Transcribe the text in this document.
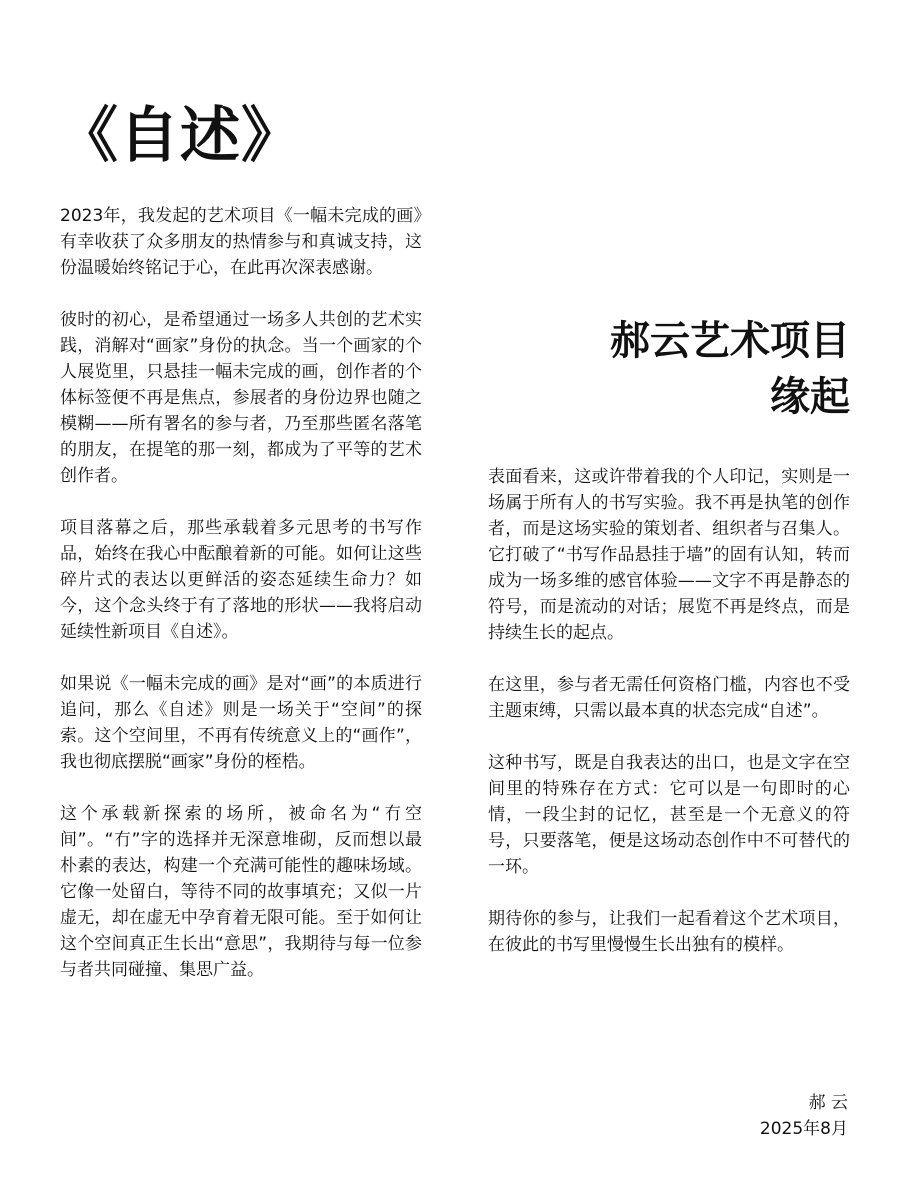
《自述》

2023年，我发起的艺术项目《一幅未完成的画》有幸收获了众多朋友的热情参与和真诚支持，这份温暖始终铭记于心，在此再次深表感谢。

彼时的初心，是希望通过一场多人共创的艺术实践，消解对“画家”身份的执念。当一个画家的个人展览里，只悬挂一幅未完成的画，创作者的个体标签便不再是焦点，参展者的身份边界也随之模糊——所有署名的参与者，乃至那些匿名落笔的朋友，在提笔的那一刻，都成为了平等的艺术创作者。

项目落幕之后，那些承载着多元思考的书写作品，始终在我心中酝酿着新的可能。如何让这些碎片式的表达以更鲜活的姿态延续生命力？如今，这个念头终于有了落地的形状——我将启动延续性新项目《自述》。

如果说《一幅未完成的画》是对“画”的本质进行追问，那么《自述》则是一场关于“空间”的探索。这个空间里，不再有传统意义上的“画作”，我也彻底摆脱“画家”身份的桎梏。

这个承载新探索的场所，被命名为“冇空间”。“冇”字的选择并无深意堆砌，反而想以最朴素的表达，构建一个充满可能性的趣味场域。它像一处留白，等待不同的故事填充；又似一片虚无，却在虚无中孕育着无限可能。至于如何让这个空间真正生长出“意思”，我期待与每一位参与者共同碰撞、集思广益。

郝云艺术项目
缘起

表面看来，这或许带着我的个人印记，实则是一场属于所有人的书写实验。我不再是执笔的创作者，而是这场实验的策划者、组织者与召集人。它打破了“书写作品悬挂于墙”的固有认知，转而成为一场多维的感官体验——文字不再是静态的符号，而是流动的对话；展览不再是终点，而是持续生长的起点。

在这里，参与者无需任何资格门槛，内容也不受主题束缚，只需以最本真的状态完成“自述”。

这种书写，既是自我表达的出口，也是文字在空间里的特殊存在方式：它可以是一句即时的心情，一段尘封的记忆，甚至是一个无意义的符号，只要落笔，便是这场动态创作中不可替代的一环。

期待你的参与，让我们一起看着这个艺术项目，在彼此的书写里慢慢生长出独有的模样。

郝 云
2025年8月
